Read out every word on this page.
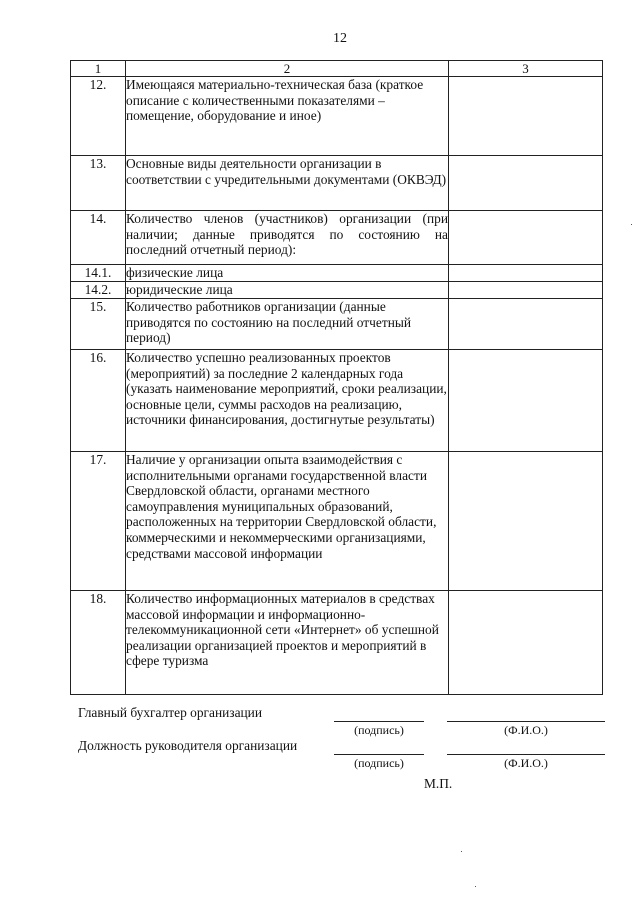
12
1	2	3
12.	Имеющаяся материально-техническая база (краткое описание с количественными показателями – помещение, оборудование и иное)	
13.	Основные виды деятельности организации в соответствии с учредительными документами (ОКВЭД)	
14.	Количество членов (участников) организации (при наличии; данные приводятся по состоянию на последний отчетный период):	
14.1.	физические лица	
14.2.	юридические лица	
15.	Количество работников организации (данные приводятся по состоянию на последний отчетный период)	
16.	Количество успешно реализованных проектов (мероприятий) за последние 2 календарных года (указать наименование мероприятий, сроки реализации, основные цели, суммы расходов на реализацию, источники финансирования, достигнутые результаты)	
17.	Наличие у организации опыта взаимодействия с исполнительными органами государственной власти Свердловской области, органами местного самоуправления муниципальных образований, расположенных на территории Свердловской области, коммерческими и некоммерческими организациями, средствами массовой информации	
18.	Количество информационных материалов в средствах массовой информации и информационно-телекоммуникационной сети «Интернет» об успешной реализации организацией проектов и мероприятий в сфере туризма	
Главный бухгалтер организации
(подпись)	(Ф.И.О.)
Должность руководителя организации
(подпись)	(Ф.И.О.)
М.П.
